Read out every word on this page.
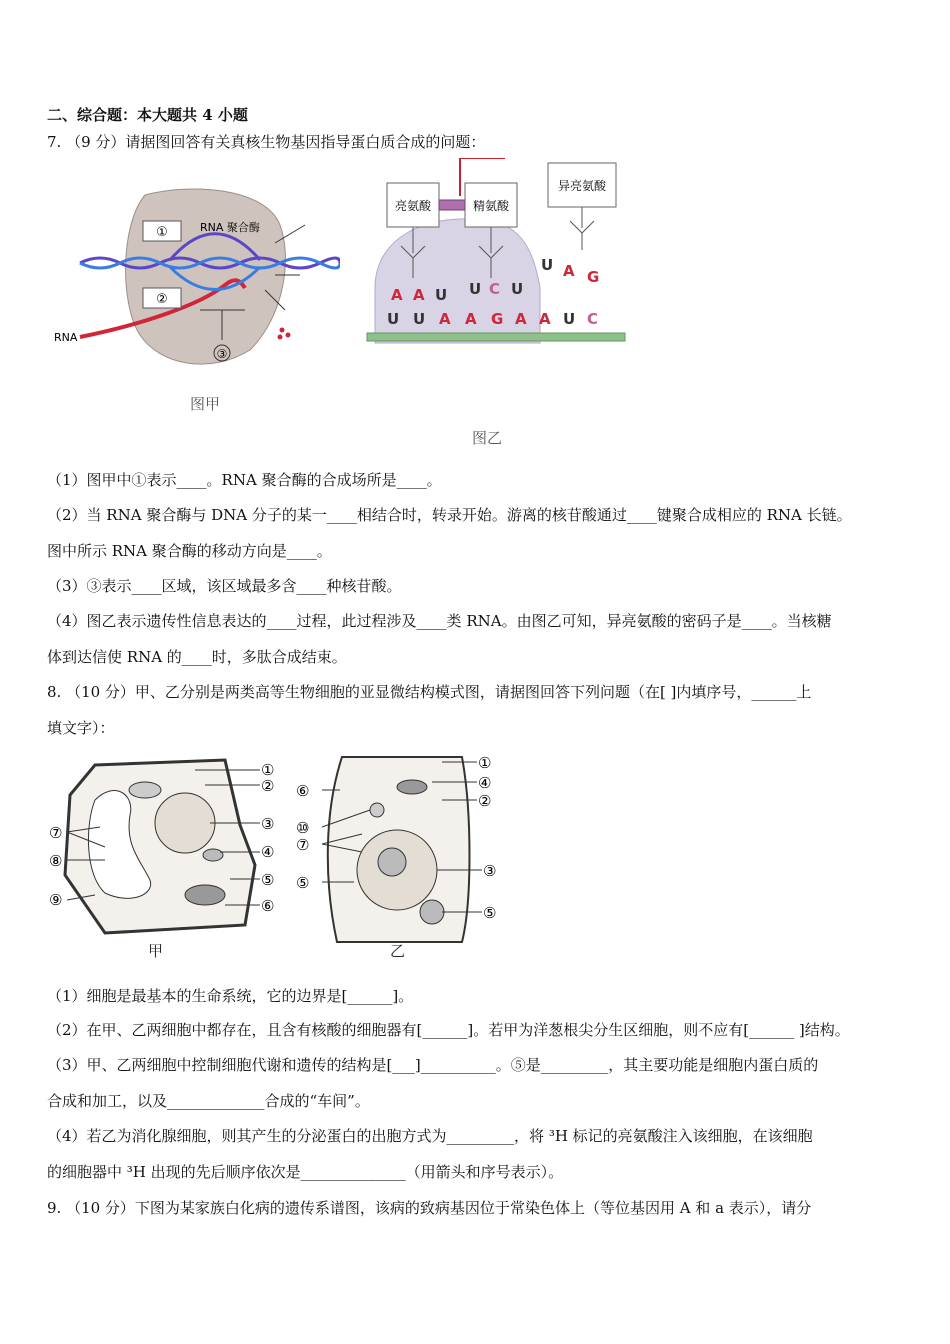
二、综合题：本大题共 4 小题
7. （9 分）请据图回答有关真核生物基因指导蛋白质合成的问题：
①
②
RNA 聚合酶
RNA
③
图甲
亮氨酸	精氨酸
异亮氨酸
A A U U C U
U A G
U U A A G A A U C
图乙
（1）图甲中①表示____。RNA 聚合酶的合成场所是____。
（2）当 RNA 聚合酶与 DNA 分子的某一____相结合时，转录开始。游离的核苷酸通过____键聚合成相应的 RNA 长链。
图中所示 RNA 聚合酶的移动方向是____。
（3）③表示____区域，该区域最多含____种核苷酸。
（4）图乙表示遗传性信息表达的____过程，此过程涉及____类 RNA。由图乙可知，异亮氨酸的密码子是____。当核糖
体到达信使 RNA 的____时，多肽合成结束。
8. （10 分）甲、乙分别是两类高等生物细胞的亚显微结构模式图，请据图回答下列问题（在[ ]内填序号，______上
填文字）：
①
②
③
④
⑤
⑥
⑦
⑧
⑨
甲
①
④
②
⑥
⑩
⑦
③
⑤
⑤
乙
（1）细胞是最基本的生命系统，它的边界是[______]。
（2）在甲、乙两细胞中都存在，且含有核酸的细胞器有[______]。若甲为洋葱根尖分生区细胞，则不应有[______ ]结构。
（3）甲、乙两细胞中控制细胞代谢和遗传的结构是[___]__________。⑤是_________，其主要功能是细胞内蛋白质的
合成和加工，以及_____________合成的“车间”。
（4）若乙为消化腺细胞，则其产生的分泌蛋白的出胞方式为_________，将 ³H 标记的亮氨酸注入该细胞，在该细胞
的细胞器中 ³H 出现的先后顺序依次是______________（用箭头和序号表示）。
9. （10 分）下图为某家族白化病的遗传系谱图，该病的致病基因位于常染色体上（等位基因用 A 和 a 表示），请分
